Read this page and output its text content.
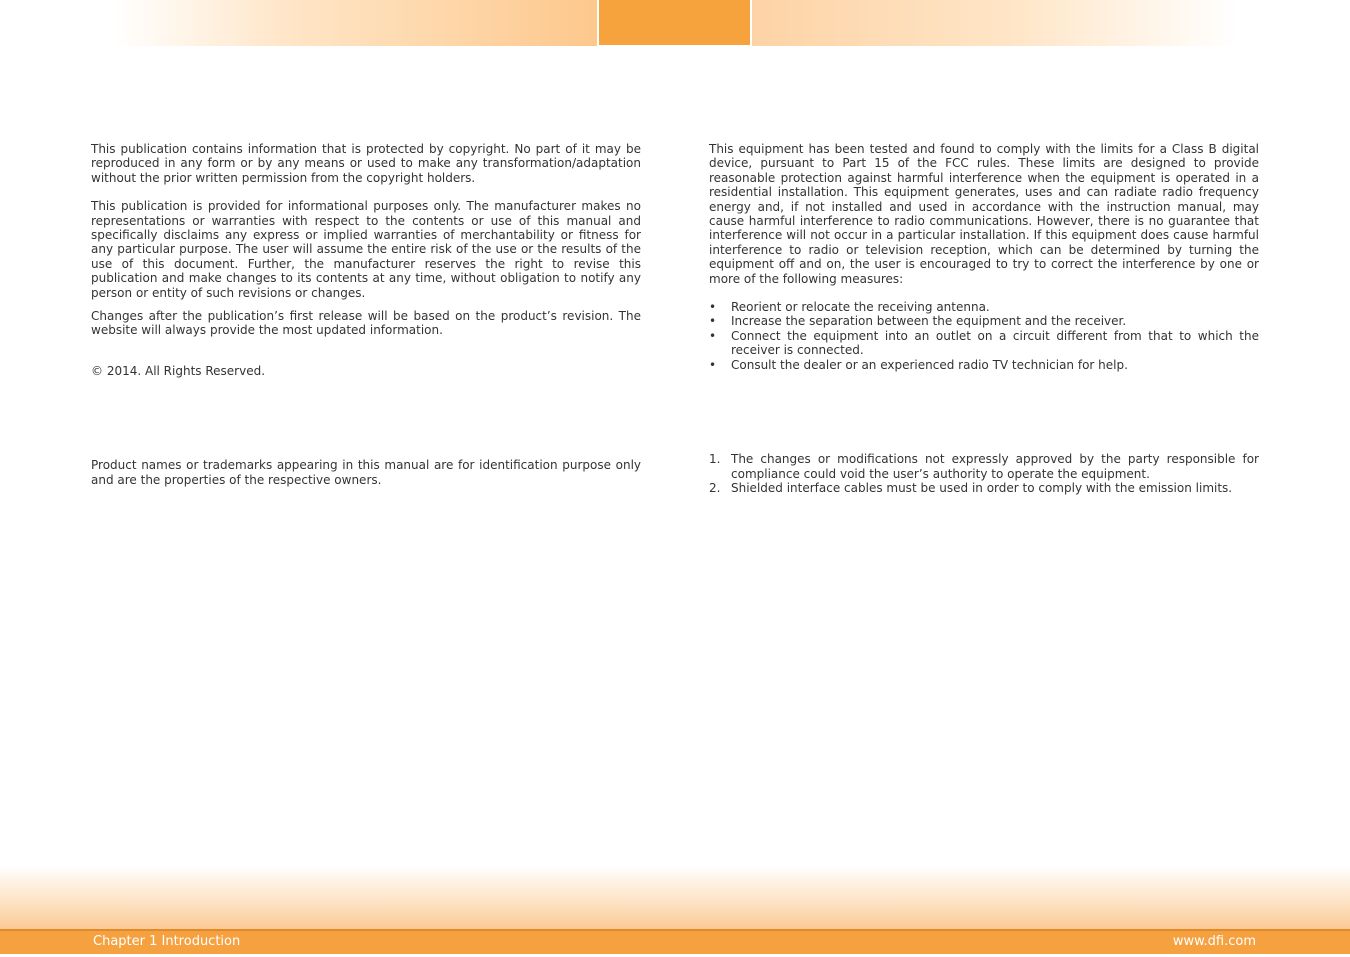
This publication contains information that is protected by copyright. No part of it may be reproduced in any form or by any means or used to make any transformation/adaptation without the prior written permission from the copyright holders.

This publication is provided for informational purposes only. The manufacturer makes no representations or warranties with respect to the contents or use of this manual and specifically disclaims any express or implied warranties of merchantability or fitness for any particular purpose. The user will assume the entire risk of the use or the results of the use of this document. Further, the manufacturer reserves the right to revise this publication and make changes to its contents at any time, without obligation to notify any person or entity of such revisions or changes.

Changes after the publication’s first release will be based on the product’s revision. The website will always provide the most updated information.

© 2014. All Rights Reserved.

Product names or trademarks appearing in this manual are for identification purpose only and are the properties of the respective owners.

This equipment has been tested and found to comply with the limits for a Class B digital device, pursuant to Part 15 of the FCC rules. These limits are designed to provide reasonable protection against harmful interference when the equipment is operated in a residential installation. This equipment generates, uses and can radiate radio frequency energy and, if not installed and used in accordance with the instruction manual, may cause harmful interference to radio communications. However, there is no guarantee that interference will not occur in a particular installation. If this equipment does cause harmful interference to radio or television reception, which can be determined by turning the equipment off and on, the user is encouraged to try to correct the interference by one or more of the following measures:

• Reorient or relocate the receiving antenna.
• Increase the separation between the equipment and the receiver.
• Connect the equipment into an outlet on a circuit different from that to which the receiver is connected.
• Consult the dealer or an experienced radio TV technician for help.
1. The changes or modifications not expressly approved by the party responsible for compliance could void the user’s authority to operate the equipment.
2. Shielded interface cables must be used in order to comply with the emission limits.
Chapter 1 Introduction	www.dfi.com
